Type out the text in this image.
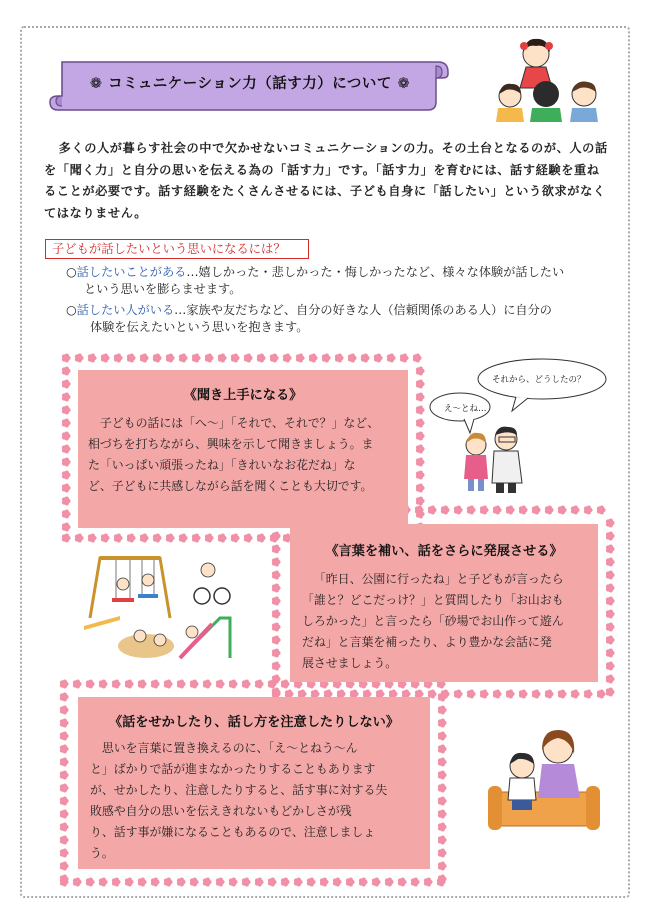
❁ コミュニケーション力（話す力）について ❁

多くの人が暮らす社会の中で欠かせないコミュニケーションの力。その土台となるのが、人の話を「聞く力」と自分の思いを伝える為の「話す力」です。「話す力」を育むには、話す経験を重ねることが必要です。話す経験をたくさんさせるには、子ども自身に「話したい」という欲求がなくてはなりません。

子どもが話したいという思いになるには？

○話したいことがある…嬉しかった・悲しかった・悔しかったなど、様々な体験が話したい
という思いを膨らませます。

○話したい人がいる…家族や友だちなど、自分の好きな人（信頼関係のある人）に自分の
体験を伝えたいという思いを抱きます。

《聞き上手になる》

子どもの話には「へ～」「それで、それで？」など、

相づちを打ちながら、興味を示して聞きましょう。ま

た「いっぱい頑張ったね」「きれいなお花だね」な

ど、子どもに共感しながら話を聞くことも大切です。

それから、どうしたの？
え～とね…
《言葉を補い、話をさらに発展させる》

「昨日、公園に行ったね」と子どもが言ったら

「誰と？どこだっけ？」と質問したり「お山おも

しろかった」と言ったら「砂場でお山作って遊ん

だね」と言葉を補ったり、より豊かな会話に発

展させましょう。

《話をせかしたり、話し方を注意したりしない》

思いを言葉に置き換えるのに、「え～とねう～ん

と」ばかりで話が進まなかったりすることもあります

が、せかしたり、注意したりすると、話す事に対する失

敗感や自分の思いを伝えきれないもどかしさが残

り、話す事が嫌になることもあるので、注意しましょ

う。
